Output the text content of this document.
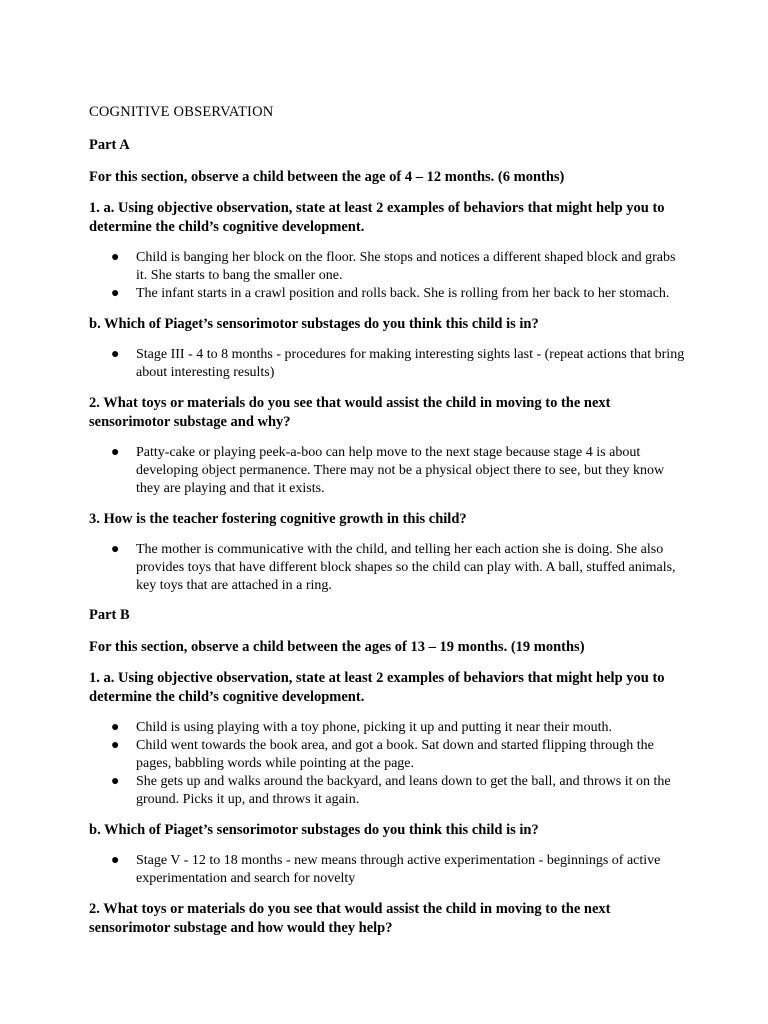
COGNITIVE OBSERVATION
Part A
For this section, observe a child between the age of 4 – 12 months. (6 months)
1. a. Using objective observation, state at least 2 examples of behaviors that might help you to determine the child’s cognitive development.
● Child is banging her block on the floor. She stops and notices a different shaped block and grabs it. She starts to bang the smaller one.
● The infant starts in a crawl position and rolls back. She is rolling from her back to her stomach.
b. Which of Piaget’s sensorimotor substages do you think this child is in?
● Stage III - 4 to 8 months - procedures for making interesting sights last - (repeat actions that bring about interesting results)
2. What toys or materials do you see that would assist the child in moving to the next sensorimotor substage and why?
● Patty-cake or playing peek-a-boo can help move to the next stage because stage 4 is about developing object permanence. There may not be a physical object there to see, but they know they are playing and that it exists.
3. How is the teacher fostering cognitive growth in this child?
● The mother is communicative with the child, and telling her each action she is doing. She also provides toys that have different block shapes so the child can play with. A ball, stuffed animals, key toys that are attached in a ring.
Part B
For this section, observe a child between the ages of 13 – 19 months. (19 months)
1. a. Using objective observation, state at least 2 examples of behaviors that might help you to determine the child’s cognitive development.
● Child is using playing with a toy phone, picking it up and putting it near their mouth.
● Child went towards the book area, and got a book. Sat down and started flipping through the pages, babbling words while pointing at the page.
● She gets up and walks around the backyard, and leans down to get the ball, and throws it on the ground. Picks it up, and throws it again.
b. Which of Piaget’s sensorimotor substages do you think this child is in?
● Stage V - 12 to 18 months - new means through active experimentation - beginnings of active experimentation and search for novelty
2. What toys or materials do you see that would assist the child in moving to the next sensorimotor substage and how would they help?
